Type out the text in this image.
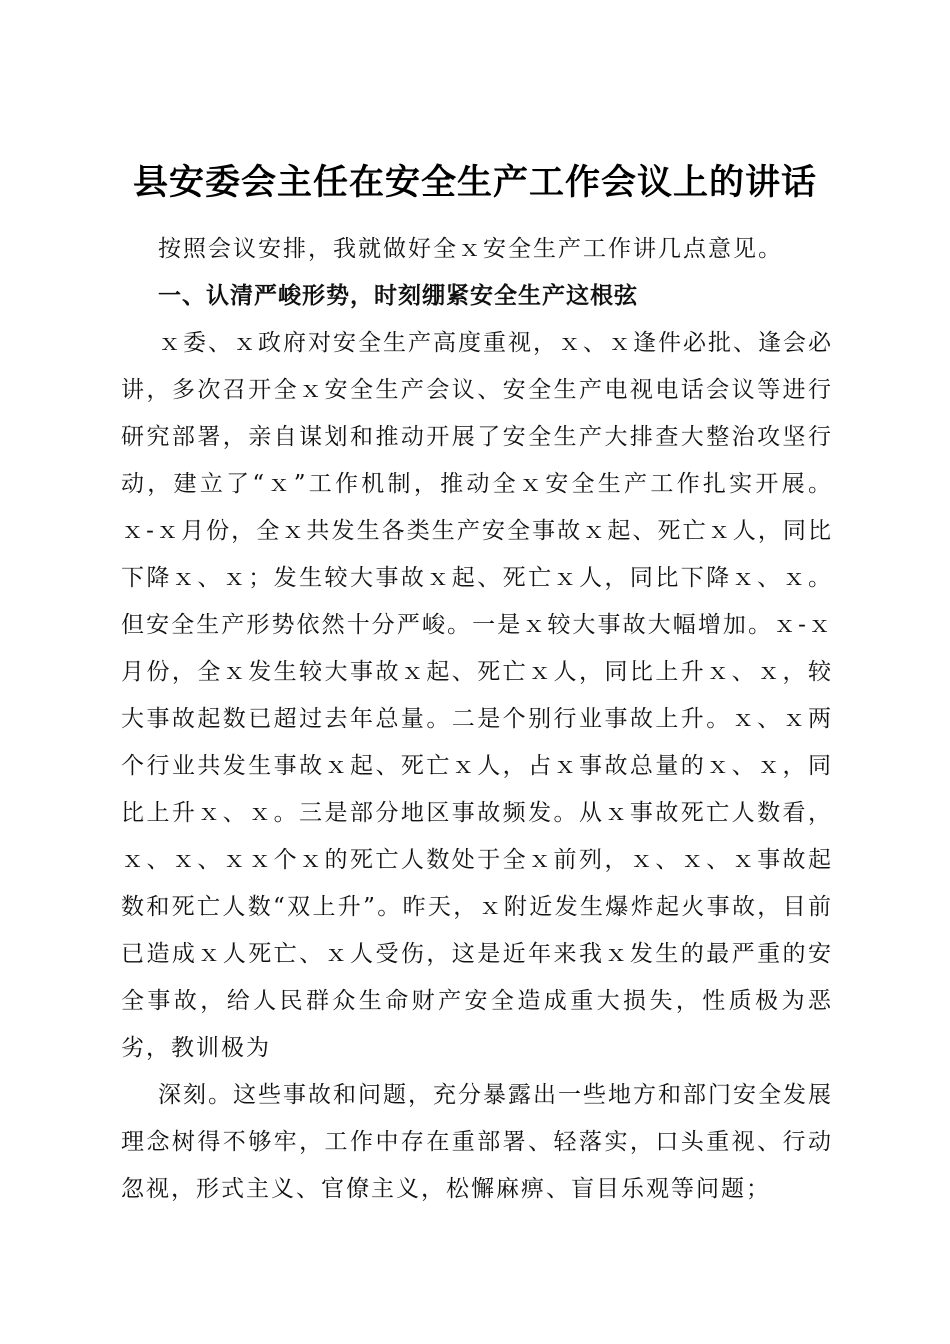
县安委会主任在安全生产工作会议上的讲话

按照会议安排，我就做好全ｘ安全生产工作讲几点意见。

一、认清严峻形势，时刻绷紧安全生产这根弦

ｘ委、ｘ政府对安全生产高度重视，ｘ、ｘ逢件必批、逢会必讲，多次召开全ｘ安全生产会议、安全生产电视电话会议等进行研究部署，亲自谋划和推动开展了安全生产大排查大整治攻坚行动，建立了“ｘ”工作机制，推动全ｘ安全生产工作扎实开展。ｘ-ｘ月份，全ｘ共发生各类生产安全事故ｘ起、死亡ｘ人，同比下降ｘ、ｘ；发生较大事故ｘ起、死亡ｘ人，同比下降ｘ、ｘ。但安全生产形势依然十分严峻。一是ｘ较大事故大幅增加。ｘ-ｘ月份，全ｘ发生较大事故ｘ起、死亡ｘ人，同比上升ｘ、ｘ，较大事故起数已超过去年总量。二是个别行业事故上升。ｘ、ｘ两个行业共发生事故ｘ起、死亡ｘ人，占ｘ事故总量的ｘ、ｘ，同比上升ｘ、ｘ。三是部分地区事故频发。从ｘ事故死亡人数看，ｘ、ｘ、ｘｘ个ｘ的死亡人数处于全ｘ前列，ｘ、ｘ、ｘ事故起数和死亡人数“双上升”。昨天，ｘ附近发生爆炸起火事故，目前已造成ｘ人死亡、ｘ人受伤，这是近年来我ｘ发生的最严重的安全事故，给人民群众生命财产安全造成重大损失，性质极为恶劣，教训极为

深刻。这些事故和问题，充分暴露出一些地方和部门安全发展理念树得不够牢，工作中存在重部署、轻落实，口头重视、行动忽视，形式主义、官僚主义，松懈麻痹、盲目乐观等问题；
